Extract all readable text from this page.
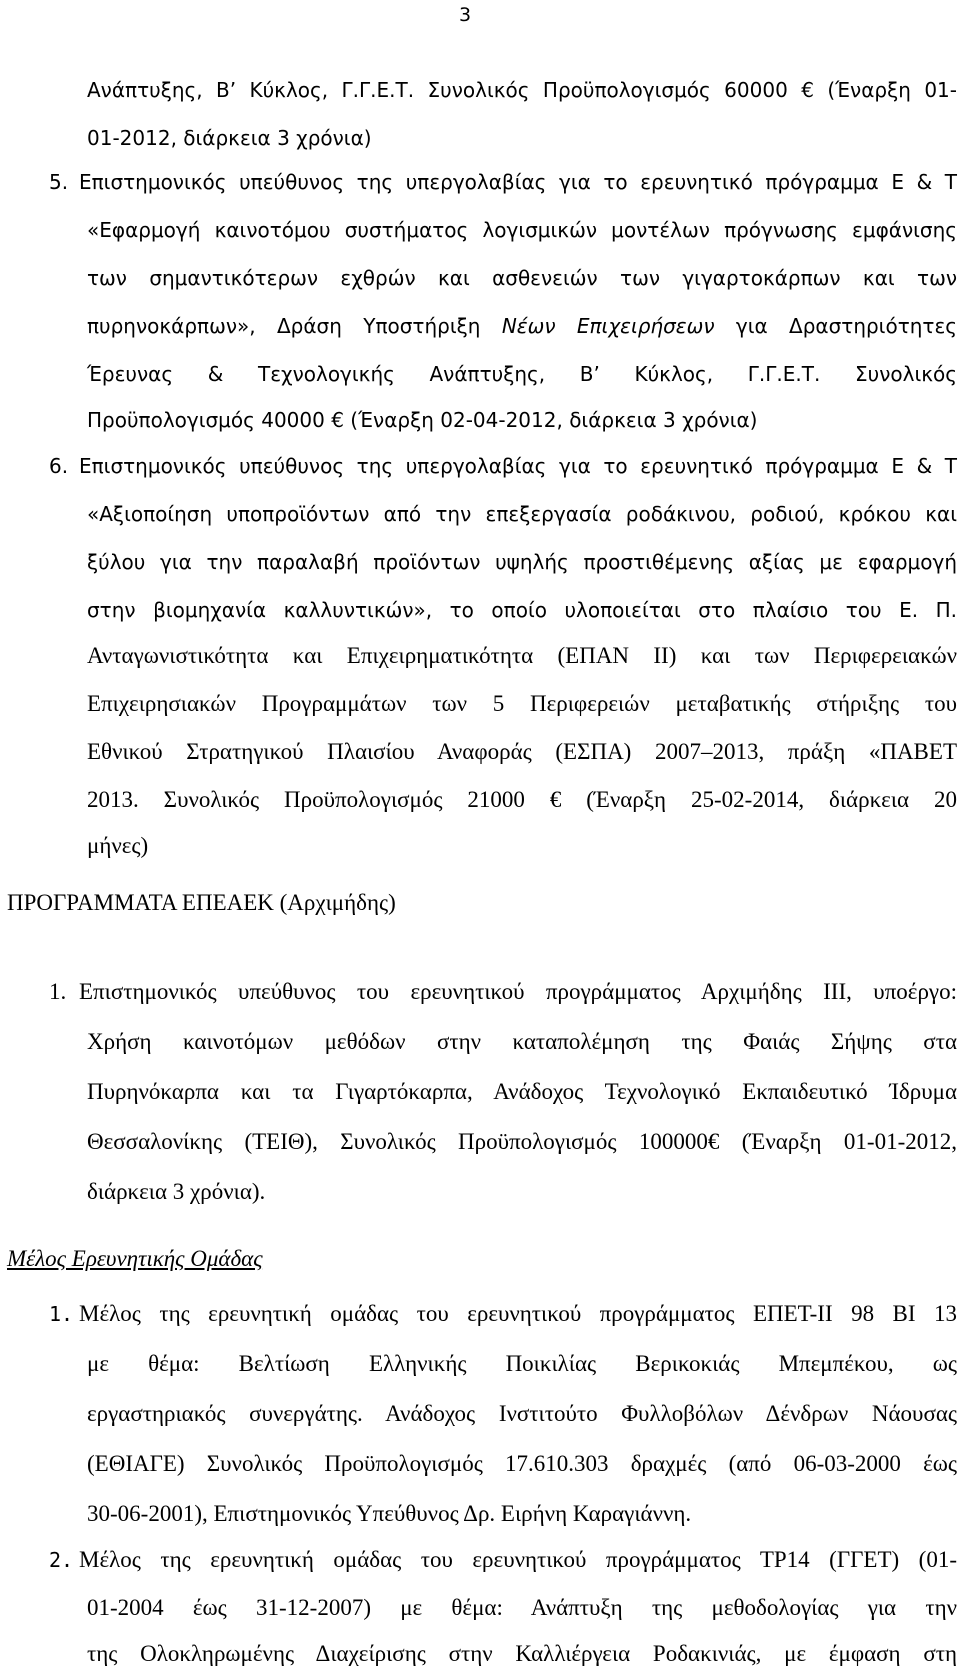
3
Ανάπτυξης, Β’ Κύκλος, Γ.Γ.Ε.Τ. Συνολικός Προϋπολογισμός 60000 € (Έναρξη 01-
01-2012, διάρκεια 3 χρόνια)
5. Επιστημονικός υπεύθυνος της υπεργολαβίας για το ερευνητικό πρόγραμμα Ε & Τ
«Εφαρμογή καινοτόμου συστήματος λογισμικών μοντέλων πρόγνωσης εμφάνισης
των σημαντικότερων εχθρών και ασθενειών των γιγαρτοκάρπων και των
πυρηνοκάρπων», Δράση Υποστήριξη Νέων Επιχειρήσεων για Δραστηριότητες
Έρευνας & Τεχνολογικής Ανάπτυξης, Β’ Κύκλος, Γ.Γ.Ε.Τ. Συνολικός
Προϋπολογισμός 40000 € (Έναρξη 02-04-2012, διάρκεια 3 χρόνια)
6. Επιστημονικός υπεύθυνος της υπεργολαβίας για το ερευνητικό πρόγραμμα Ε & Τ
«Αξιοποίηση υποπροϊόντων από την επεξεργασία ροδάκινου, ροδιού, κρόκου και
ξύλου για την παραλαβή προϊόντων υψηλής προστιθέμενης αξίας με εφαρμογή
στην βιομηχανία καλλυντικών», το οποίο υλοποιείται στο πλαίσιο του Ε. Π.
Ανταγωνιστικότητα και Επιχειρηματικότητα (ΕΠΑΝ ΙΙ) και των Περιφερειακών
Επιχειρησιακών Προγραμμάτων των 5 Περιφερειών μεταβατικής στήριξης του
Εθνικού Στρατηγικού Πλαισίου Αναφοράς (ΕΣΠΑ) 2007–2013, πράξη «ΠΑΒΕΤ
2013. Συνολικός Προϋπολογισμός 21000 € (Έναρξη 25-02-2014, διάρκεια 20
μήνες)
ΠΡΟΓΡΑΜΜΑΤΑ ΕΠΕΑΕΚ (Αρχιμήδης)
1. Επιστημονικός υπεύθυνος του ερευνητικού προγράμματος Αρχιμήδης ΙΙΙ, υποέργο:
Χρήση καινοτόμων μεθόδων στην καταπολέμηση της Φαιάς Σήψης στα
Πυρηνόκαρπα και τα Γιγαρτόκαρπα, Ανάδοχος Τεχνολογικό Εκπαιδευτικό Ίδρυμα
Θεσσαλονίκης (ΤΕΙΘ), Συνολικός Προϋπολογισμός 100000€ (Έναρξη 01-01-2012,
διάρκεια 3 χρόνια).
Μέλος Ερευνητικής Ομάδας
1. Μέλος της ερευνητική ομάδας του ερευνητικού προγράμματος ΕΠΕΤ-ΙΙ 98 ΒΙ 13
με θέμα: Βελτίωση Ελληνικής Ποικιλίας Βερικοκιάς Μπεμπέκου, ως
εργαστηριακός συνεργάτης. Ανάδοχος Ινστιτούτο Φυλλοβόλων Δένδρων Νάουσας
(ΕΘΙΑΓΕ) Συνολικός Προϋπολογισμός 17.610.303 δραχμές (από 06-03-2000 έως
30-06-2001), Επιστημονικός Υπεύθυνος Δρ. Ειρήνη Καραγιάννη.
2. Μέλος της ερευνητική ομάδας του ερευνητικού προγράμματος ΤΡ14 (ΓΓΕΤ) (01-
01-2004 έως 31-12-2007) με θέμα: Ανάπτυξη της μεθοδολογίας για την
της Ολοκληρωμένης Διαχείρισης στην Καλλιέργεια Ροδακινιάς, με έμφαση στη
